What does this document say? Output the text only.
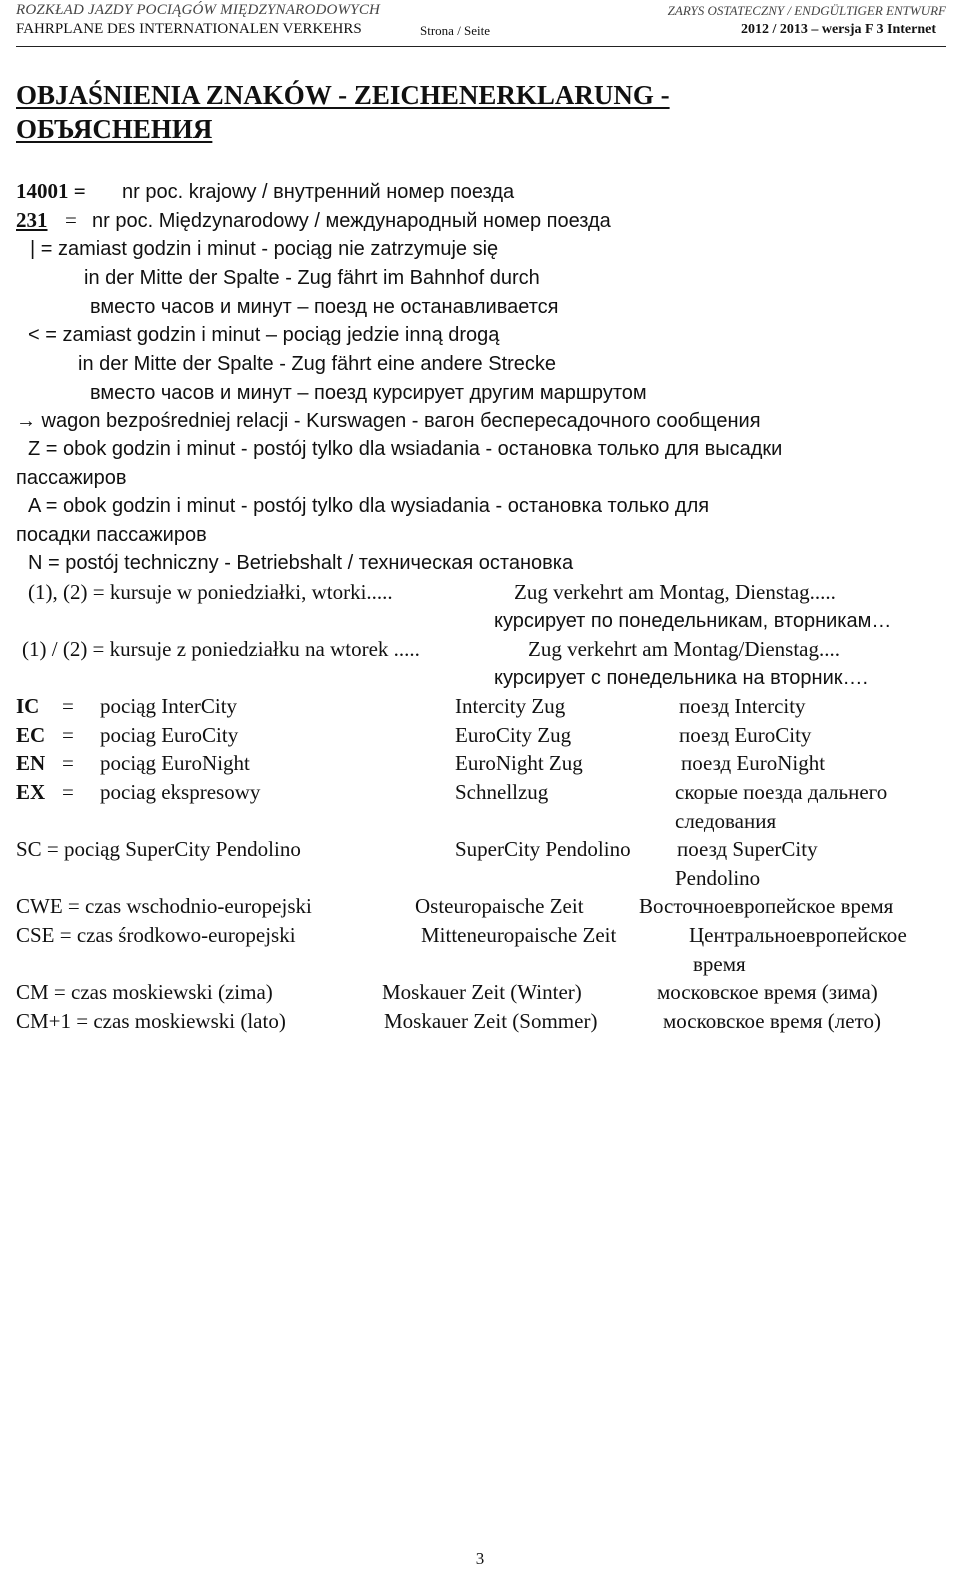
ROZKŁAD JAZDY POCIĄGÓW MIĘDZYNARODOWYCH
FAHRPLANE DES INTERNATIONALEN VERKEHRS	Strona / Seite
ZARYS OSTATECZNY / ENDGÜLTIGER ENTWURF
2012 / 2013 – wersja F 3 Internet
OBJAŚNIENIA ZNAKÓW - ZEICHENERKLARUNG -
ОБЪЯСНЕНИЯ
14001 = nr poc. krajowy / внутренний номер поезда
231 = nr poc. Międzynarodowy / международный номер поезда
| = zamiast godzin i minut - pociąg nie zatrzymuje się
in der Mitte der Spalte - Zug fährt im Bahnhof durch
вместо часов и минут – поезд не останавливается
< = zamiast godzin i minut – pociąg jedzie inną drogą
in der Mitte der Spalte - Zug fährt eine andere Strecke
вместо часов и минут – поезд курсирует другим маршрутом
→ wagon bezpośredniej relacji - Kurswagen - вагон беспересадочного сообщения
Z = obok godzin i minut - postój tylko dla wsiadania - остановка только для высадки
пассажиров
A = obok godzin i minut - postój tylko dla wysiadania - остановка только для
посадки пассажиров
N = postój techniczny - Betriebshalt / техническая остановка
(1), (2) = kursuje w poniedziałki, wtorki.....	Zug verkehrt am Montag, Dienstag.....
курсирует по понедельникам, вторникам…
(1) / (2) = kursuje z poniedziałku na wtorek .....	Zug verkehrt am Montag/Dienstag....
курсирует с понедельника на вторник….
IC = pociąg InterCity	Intercity Zug	поезд Intercity
EC = pociag EuroCity	EuroCity Zug	поезд EuroCity
EN = pociąg EuroNight	EuroNight Zug	поезд EuroNight
EX = pociag ekspresowy	Schnellzug	скорые поезда дальнего
следования
SC = pociąg SuperCity Pendolino	SuperCity Pendolino поезд SuperCity
Pendolino
CWE = czas wschodnio-europejski	Osteuropaische Zeit	Восточноевропейское время
CSE = czas środkowo-europejski	Mitteneuropaische Zeit	Центральноевропейское
время
CM = czas moskiewski (zima)	Moskauer Zeit (Winter)	московское время (зима)
CM+1 = czas moskiewski (lato)	Moskauer Zeit (Sommer)	московское время (лето)
3
